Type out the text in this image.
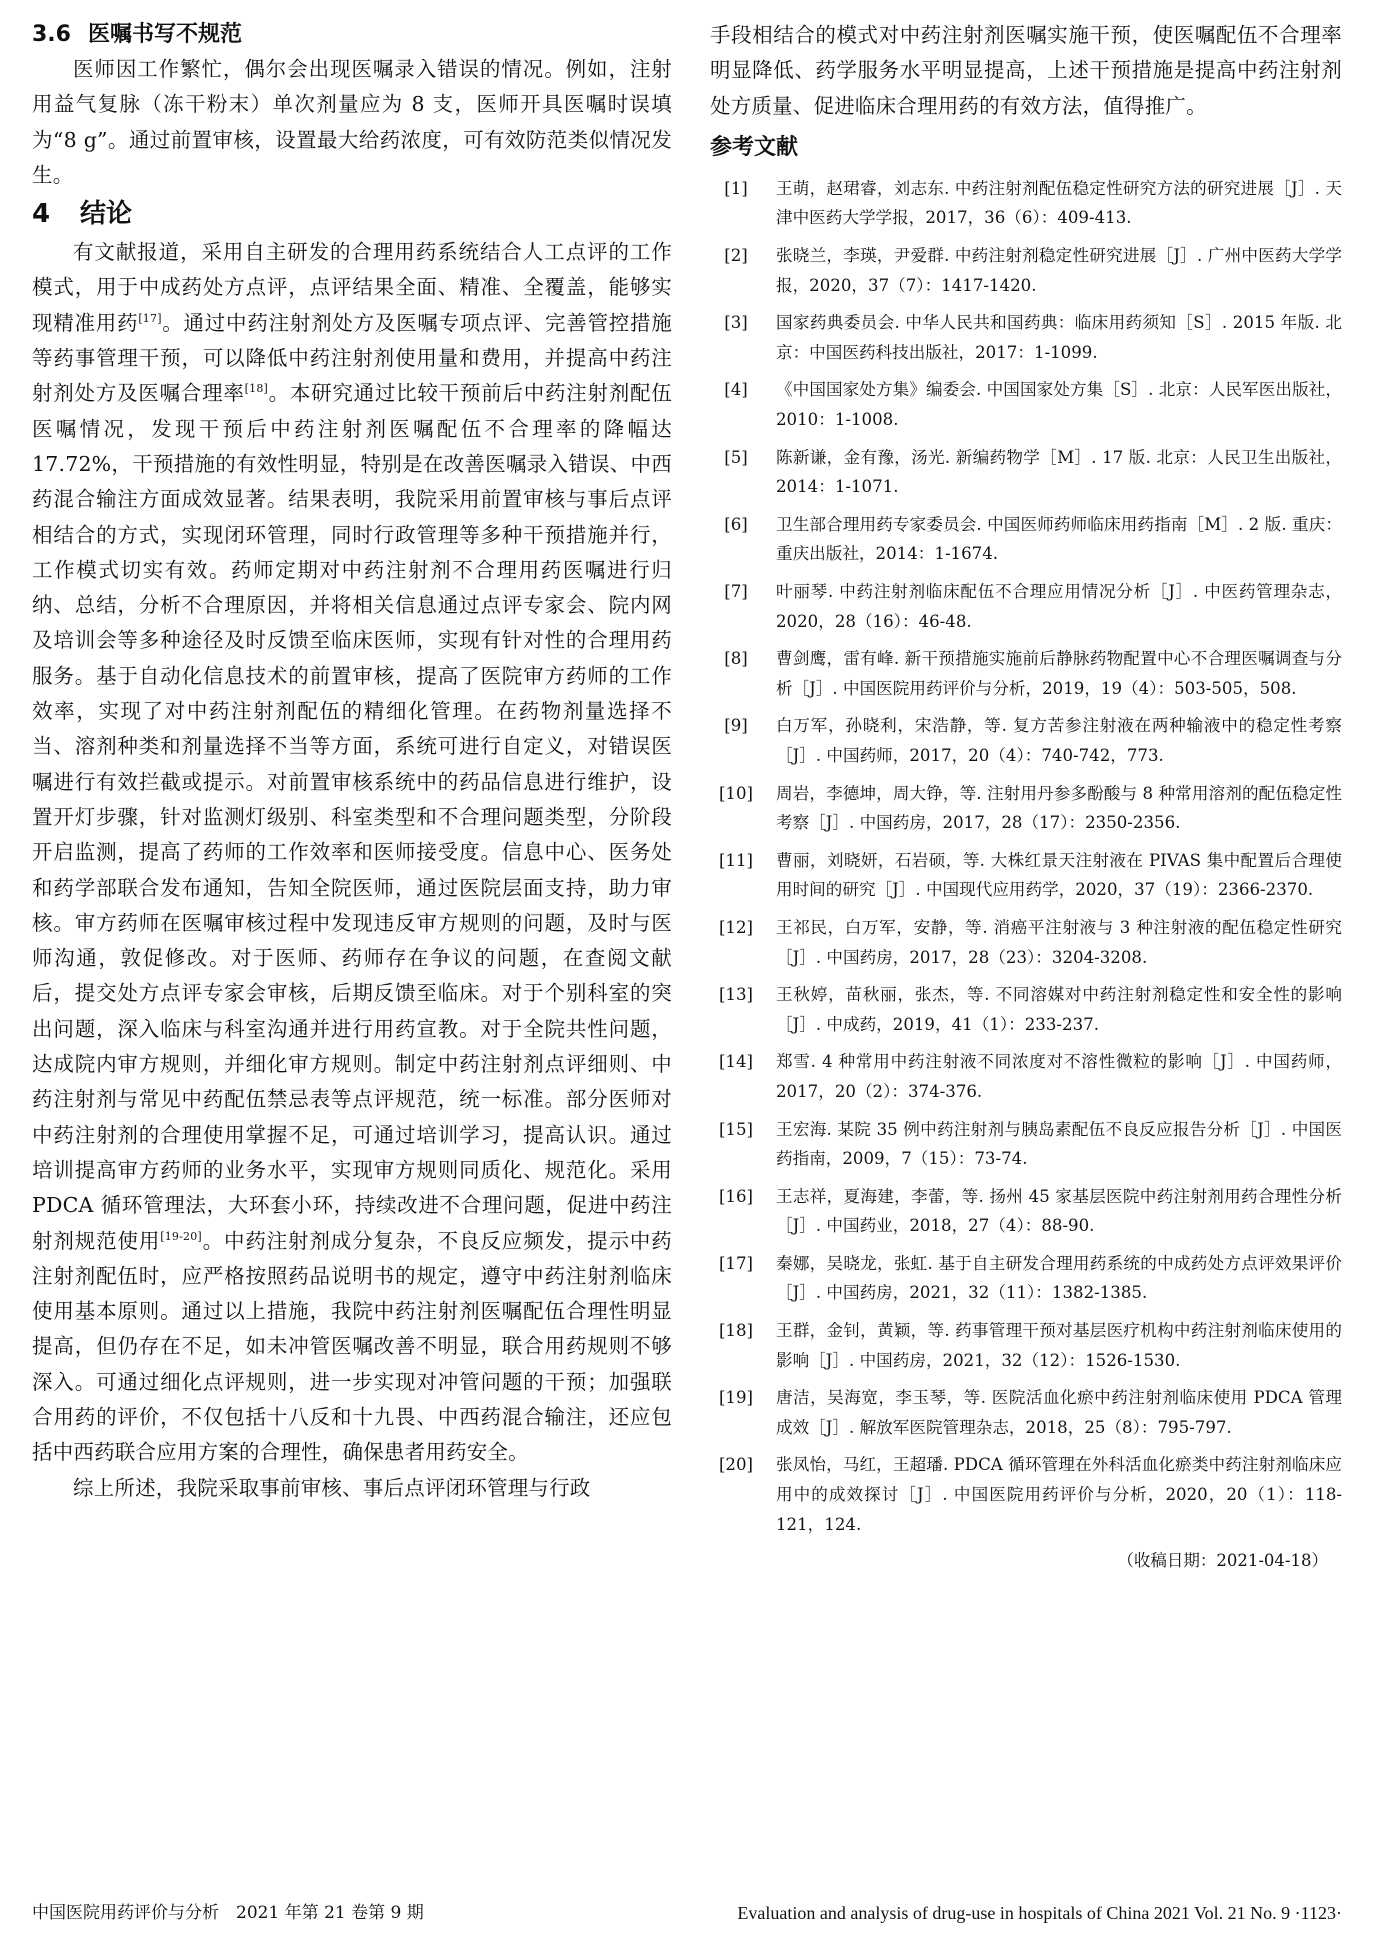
3.6 医嘱书写不规范

医师因工作繁忙，偶尔会出现医嘱录入错误的情况。例如，注射用益气复脉（冻干粉末）单次剂量应为 8 支，医师开具医嘱时误填为“8 g”。通过前置审核，设置最大给药浓度，可有效防范类似情况发生。

4 结论

有文献报道，采用自主研发的合理用药系统结合人工点评的工作模式，用于中成药处方点评，点评结果全面、精准、全覆盖，能够实现精准用药[17]。通过中药注射剂处方及医嘱专项点评、完善管控措施等药事管理干预，可以降低中药注射剂使用量和费用，并提高中药注射剂处方及医嘱合理率[18]。本研究通过比较干预前后中药注射剂配伍医嘱情况，发现干预后中药注射剂医嘱配伍不合理率的降幅达 17.72%，干预措施的有效性明显，特别是在改善医嘱录入错误、中西药混合输注方面成效显著。结果表明，我院采用前置审核与事后点评相结合的方式，实现闭环管理，同时行政管理等多种干预措施并行，工作模式切实有效。药师定期对中药注射剂不合理用药医嘱进行归纳、总结，分析不合理原因，并将相关信息通过点评专家会、院内网及培训会等多种途径及时反馈至临床医师，实现有针对性的合理用药服务。基于自动化信息技术的前置审核，提高了医院审方药师的工作效率，实现了对中药注射剂配伍的精细化管理。在药物剂量选择不当、溶剂种类和剂量选择不当等方面，系统可进行自定义，对错误医嘱进行有效拦截或提示。对前置审核系统中的药品信息进行维护，设置开灯步骤，针对监测灯级别、科室类型和不合理问题类型，分阶段开启监测，提高了药师的工作效率和医师接受度。信息中心、医务处和药学部联合发布通知，告知全院医师，通过医院层面支持，助力审核。审方药师在医嘱审核过程中发现违反审方规则的问题，及时与医师沟通，敦促修改。对于医师、药师存在争议的问题，在查阅文献后，提交处方点评专家会审核，后期反馈至临床。对于个别科室的突出问题，深入临床与科室沟通并进行用药宣教。对于全院共性问题，达成院内审方规则，并细化审方规则。制定中药注射剂点评细则、中药注射剂与常见中药配伍禁忌表等点评规范，统一标准。部分医师对中药注射剂的合理使用掌握不足，可通过培训学习，提高认识。通过培训提高审方药师的业务水平，实现审方规则同质化、规范化。采用 PDCA 循环管理法，大环套小环，持续改进不合理问题，促进中药注射剂规范使用[19-20]。中药注射剂成分复杂，不良反应频发，提示中药注射剂配伍时，应严格按照药品说明书的规定，遵守中药注射剂临床使用基本原则。通过以上措施，我院中药注射剂医嘱配伍合理性明显提高，但仍存在不足，如未冲管医嘱改善不明显，联合用药规则不够深入。可通过细化点评规则，进一步实现对冲管问题的干预；加强联合用药的评价，不仅包括十八反和十九畏、中西药混合输注，还应包括中西药联合应用方案的合理性，确保患者用药安全。

综上所述，我院采取事前审核、事后点评闭环管理与行政

手段相结合的模式对中药注射剂医嘱实施干预，使医嘱配伍不合理率明显降低、药学服务水平明显提高，上述干预措施是提高中药注射剂处方质量、促进临床合理用药的有效方法，值得推广。

参考文献
[1]	王萌，赵珺睿，刘志东. 中药注射剂配伍稳定性研究方法的研究进展［J］. 天津中医药大学学报，2017，36（6）：409-413.
[2]	张晓兰，李瑛，尹爱群. 中药注射剂稳定性研究进展［J］. 广州中医药大学学报，2020，37（7）：1417-1420.
[3]	国家药典委员会. 中华人民共和国药典：临床用药须知［S］. 2015 年版. 北京：中国医药科技出版社，2017：1-1099.
[4]	《中国国家处方集》编委会. 中国国家处方集［S］. 北京：人民军医出版社，2010：1-1008.
[5]	陈新谦，金有豫，汤光. 新编药物学［M］. 17 版. 北京：人民卫生出版社，2014：1-1071.
[6]	卫生部合理用药专家委员会. 中国医师药师临床用药指南［M］. 2 版. 重庆：重庆出版社，2014：1-1674.
[7]	叶丽琴. 中药注射剂临床配伍不合理应用情况分析［J］. 中医药管理杂志，2020，28（16）：46-48.
[8]	曹剑鹰，雷有峰. 新干预措施实施前后静脉药物配置中心不合理医嘱调查与分析［J］. 中国医院用药评价与分析，2019，19（4）：503-505，508.
[9]	白万军，孙晓利，宋浩静，等. 复方苦参注射液在两种输液中的稳定性考察［J］. 中国药师，2017，20（4）：740-742，773.
[10]	周岩，李德坤，周大铮，等. 注射用丹参多酚酸与 8 种常用溶剂的配伍稳定性考察［J］. 中国药房，2017，28（17）：2350-2356.
[11]	曹丽，刘晓妍，石岩硕，等. 大株红景天注射液在 PIVAS 集中配置后合理使用时间的研究［J］. 中国现代应用药学，2020，37（19）：2366-2370.
[12]	王祁民，白万军，安静，等. 消癌平注射液与 3 种注射液的配伍稳定性研究［J］. 中国药房，2017，28（23）：3204-3208.
[13]	王秋婷，苗秋丽，张杰，等. 不同溶媒对中药注射剂稳定性和安全性的影响［J］. 中成药，2019，41（1）：233-237.
[14]	郑雪. 4 种常用中药注射液不同浓度对不溶性微粒的影响［J］. 中国药师，2017，20（2）：374-376.
[15]	王宏海. 某院 35 例中药注射剂与胰岛素配伍不良反应报告分析［J］. 中国医药指南，2009，7（15）：73-74.
[16]	王志祥，夏海建，李蕾，等. 扬州 45 家基层医院中药注射剂用药合理性分析［J］. 中国药业，2018，27（4）：88-90.
[17]	秦娜，吴晓龙，张虹. 基于自主研发合理用药系统的中成药处方点评效果评价［J］. 中国药房，2021，32（11）：1382-1385.
[18]	王群，金钊，黄颖，等. 药事管理干预对基层医疗机构中药注射剂临床使用的影响［J］. 中国药房，2021，32（12）：1526-1530.
[19]	唐洁，吴海宽，李玉琴，等. 医院活血化瘀中药注射剂临床使用 PDCA 管理成效［J］. 解放军医院管理杂志，2018，25（8）：795-797.
[20]	张凤怡，马红，王超璠. PDCA 循环管理在外科活血化瘀类中药注射剂临床应用中的成效探讨［J］. 中国医院用药评价与分析，2020，20（1）：118-121，124.
（收稿日期：2021-04-18）
中国医院用药评价与分析　2021 年第 21 卷第 9 期	Evaluation and analysis of drug-use in hospitals of China 2021 Vol. 21 No. 9 ·1123·
